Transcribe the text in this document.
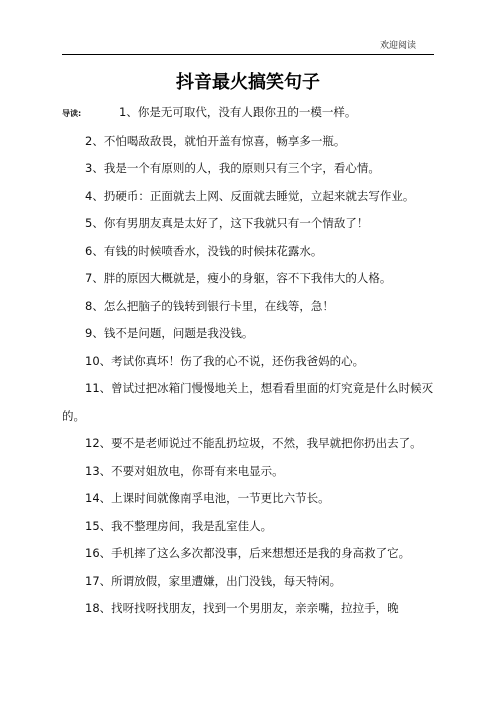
欢迎阅读
抖音最火搞笑句子

导读:	1、你是无可取代，没有人跟你丑的一模一样。

2、不怕喝敌敌畏，就怕开盖有惊喜，畅享多一瓶。

3、我是一个有原则的人，我的原则只有三个字，看心情。

4、扔硬币：正面就去上网、反面就去睡觉，立起来就去写作业。

5、你有男朋友真是太好了，这下我就只有一个情敌了！

6、有钱的时候喷香水，没钱的时候抹花露水。

7、胖的原因大概就是，瘦小的身躯，容不下我伟大的人格。

8、怎么把脑子的钱转到银行卡里，在线等，急！

9、钱不是问题，问题是我没钱。

10、考试你真坏！伤了我的心不说，还伤我爸妈的心。

11、曾试过把冰箱门慢慢地关上，想看看里面的灯究竟是什么时候灭的。

12、要不是老师说过不能乱扔垃圾，不然，我早就把你扔出去了。

13、不要对姐放电，你哥有来电显示。

14、上课时间就像南孚电池，一节更比六节长。

15、我不整理房间，我是乱室佳人。

16、手机摔了这么多次都没事，后来想想还是我的身高救了它。

17、所谓放假，家里遭嫌，出门没钱，每天特闲。

18、找呀找呀找朋友，找到一个男朋友，亲亲嘴，拉拉手，晚
